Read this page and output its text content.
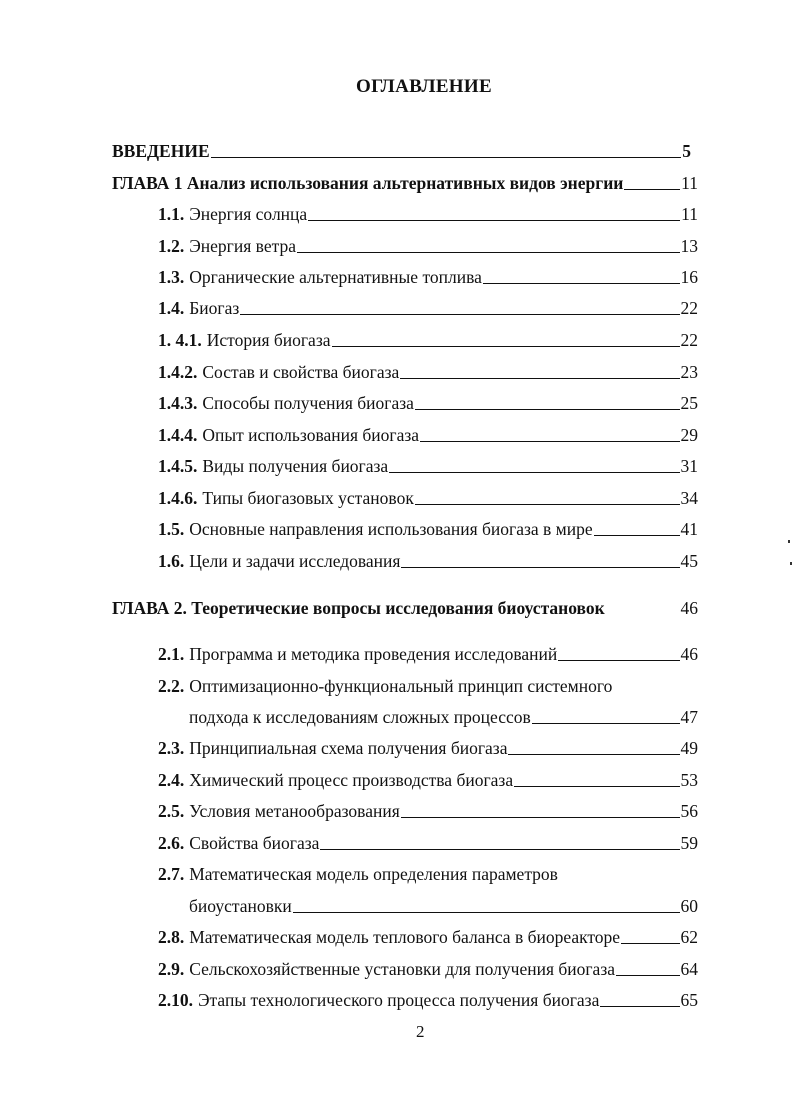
ОГЛАВЛЕНИЕ
ВВЕДЕНИЕ	5
ГЛАВА 1 Анализ использования альтернативных видов энергии	11
1.1. Энергия солнца	11
1.2. Энергия ветра	13
1.3. Органические альтернативные топлива	16
1.4. Биогаз	22
1. 4.1. История биогаза	22
1.4.2. Состав и свойства биогаза	23
1.4.3. Способы получения биогаза	25
1.4.4. Опыт использования биогаза	29
1.4.5. Виды получения биогаза	31
1.4.6. Типы биогазовых установок	34
1.5. Основные направления использования биогаза в мире	41
1.6. Цели и задачи исследования	45
ГЛАВА 2. Теоретические вопросы исследования биоустановок	46
2.1. Программа и методика проведения исследований	46
2.2. Оптимизационно-функциональный принцип системного
подхода к исследованиям сложных процессов	47
2.3. Принципиальная схема получения биогаза	49
2.4. Химический процесс производства биогаза	53
2.5. Условия метанообразования	56
2.6. Свойства биогаза	59
2.7. Математическая модель определения параметров
биоустановки	60
2.8. Математическая модель теплового баланса в биореакторе	62
2.9. Сельскохозяйственные установки для получения биогаза	64
2.10. Этапы технологического процесса получения биогаза	65
2
